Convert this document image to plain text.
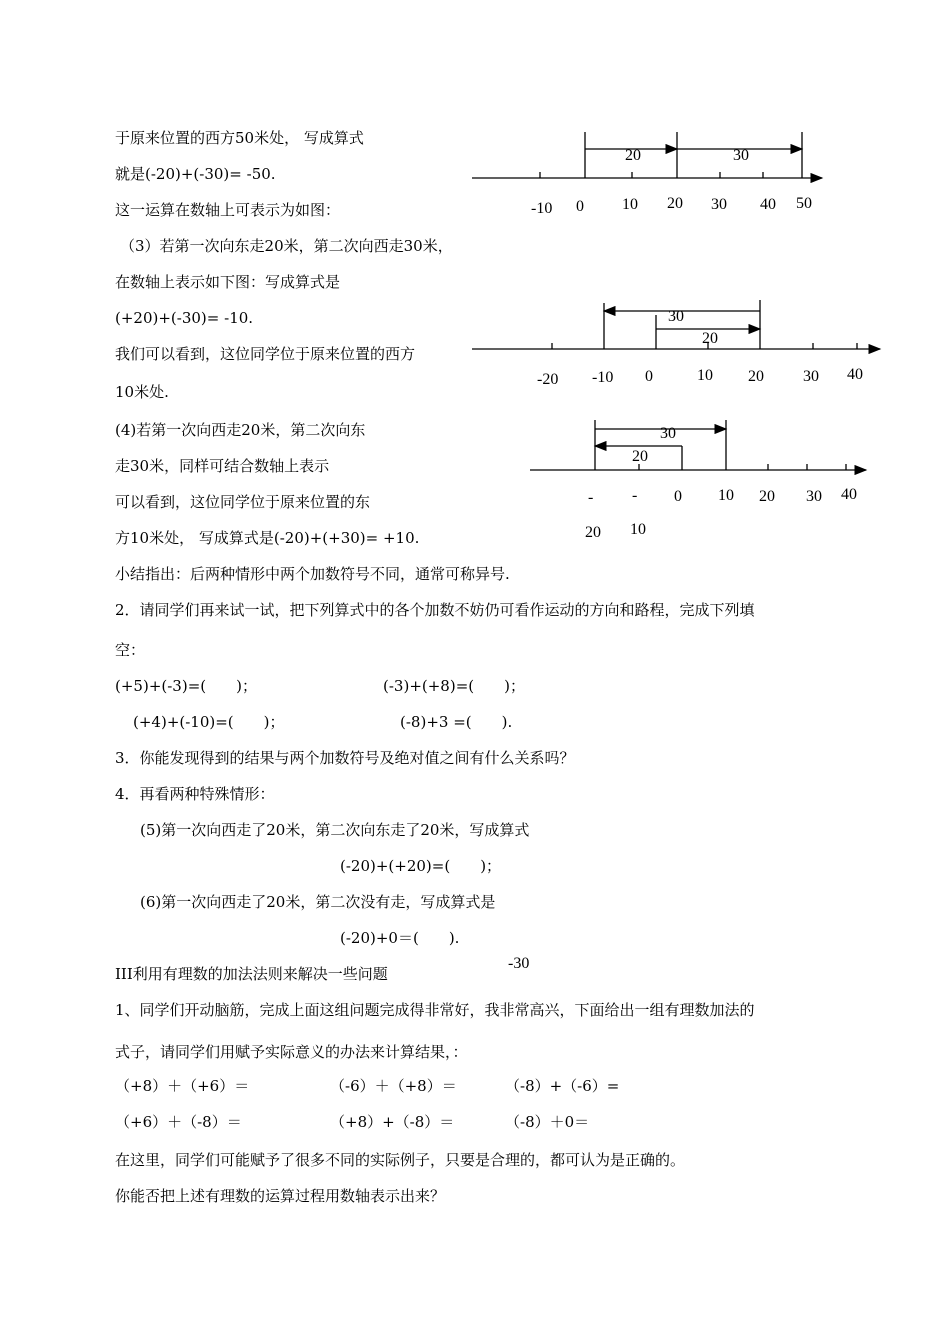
于原来位置的西方50米处， 写成算式
就是(-20)+(-30)= -50.
这一运算在数轴上可表示为如图：
（3）若第一次向东走20米，第二次向西走30米，
在数轴上表示如下图：写成算式是
(+20)+(-30)= -10.
我们可以看到，这位同学位于原来位置的西方
10米处.
(4)若第一次向西走20米，第二次向东
走30米，同样可结合数轴上表示
可以看到，这位同学位于原来位置的东
方10米处， 写成算式是(-20)+(+30)= +10.
小结指出：后两种情形中两个加数符号不同，通常可称异号.
2．请同学们再来试一试，把下列算式中的各个加数不妨仍可看作运动的方向和路程，完成下列填
空：
(+5)+(-3)=(　　)；	(-3)+(+8)=(　　)；
(+4)+(-10)=(　　)；	(-8)+3 =(　　).
3．你能发现得到的结果与两个加数符号及绝对值之间有什么关系吗？
4．再看两种特殊情形：
(5)第一次向西走了20米，第二次向东走了20米，写成算式
(-20)+(+20)=(　　)；
(6)第一次向西走了20米，第二次没有走，写成算式是
(-20)+0＝(　　).
III利用有理数的加法法则来解决一些问题
-30
1、同学们开动脑筋，完成上面这组问题完成得非常好，我非常高兴，下面给出一组有理数加法的
式子，请同学们用赋予实际意义的办法来计算结果，：
（+8）＋（+6）＝	（-6）＋（+8）＝	（-8）+（-6）=
（+6）＋（-8）＝	（+8）+（-8）＝	（-8）＋0＝
在这里，同学们可能赋予了很多不同的实际例子，只要是合理的，都可认为是正确的。
你能否把上述有理数的运算过程用数轴表示出来？
20	30
-10 0 10 20 30 40 50
30
20
-20 -10 0	10 20 30 40
30
20
-
20
-
10
0 10 20 30 40
